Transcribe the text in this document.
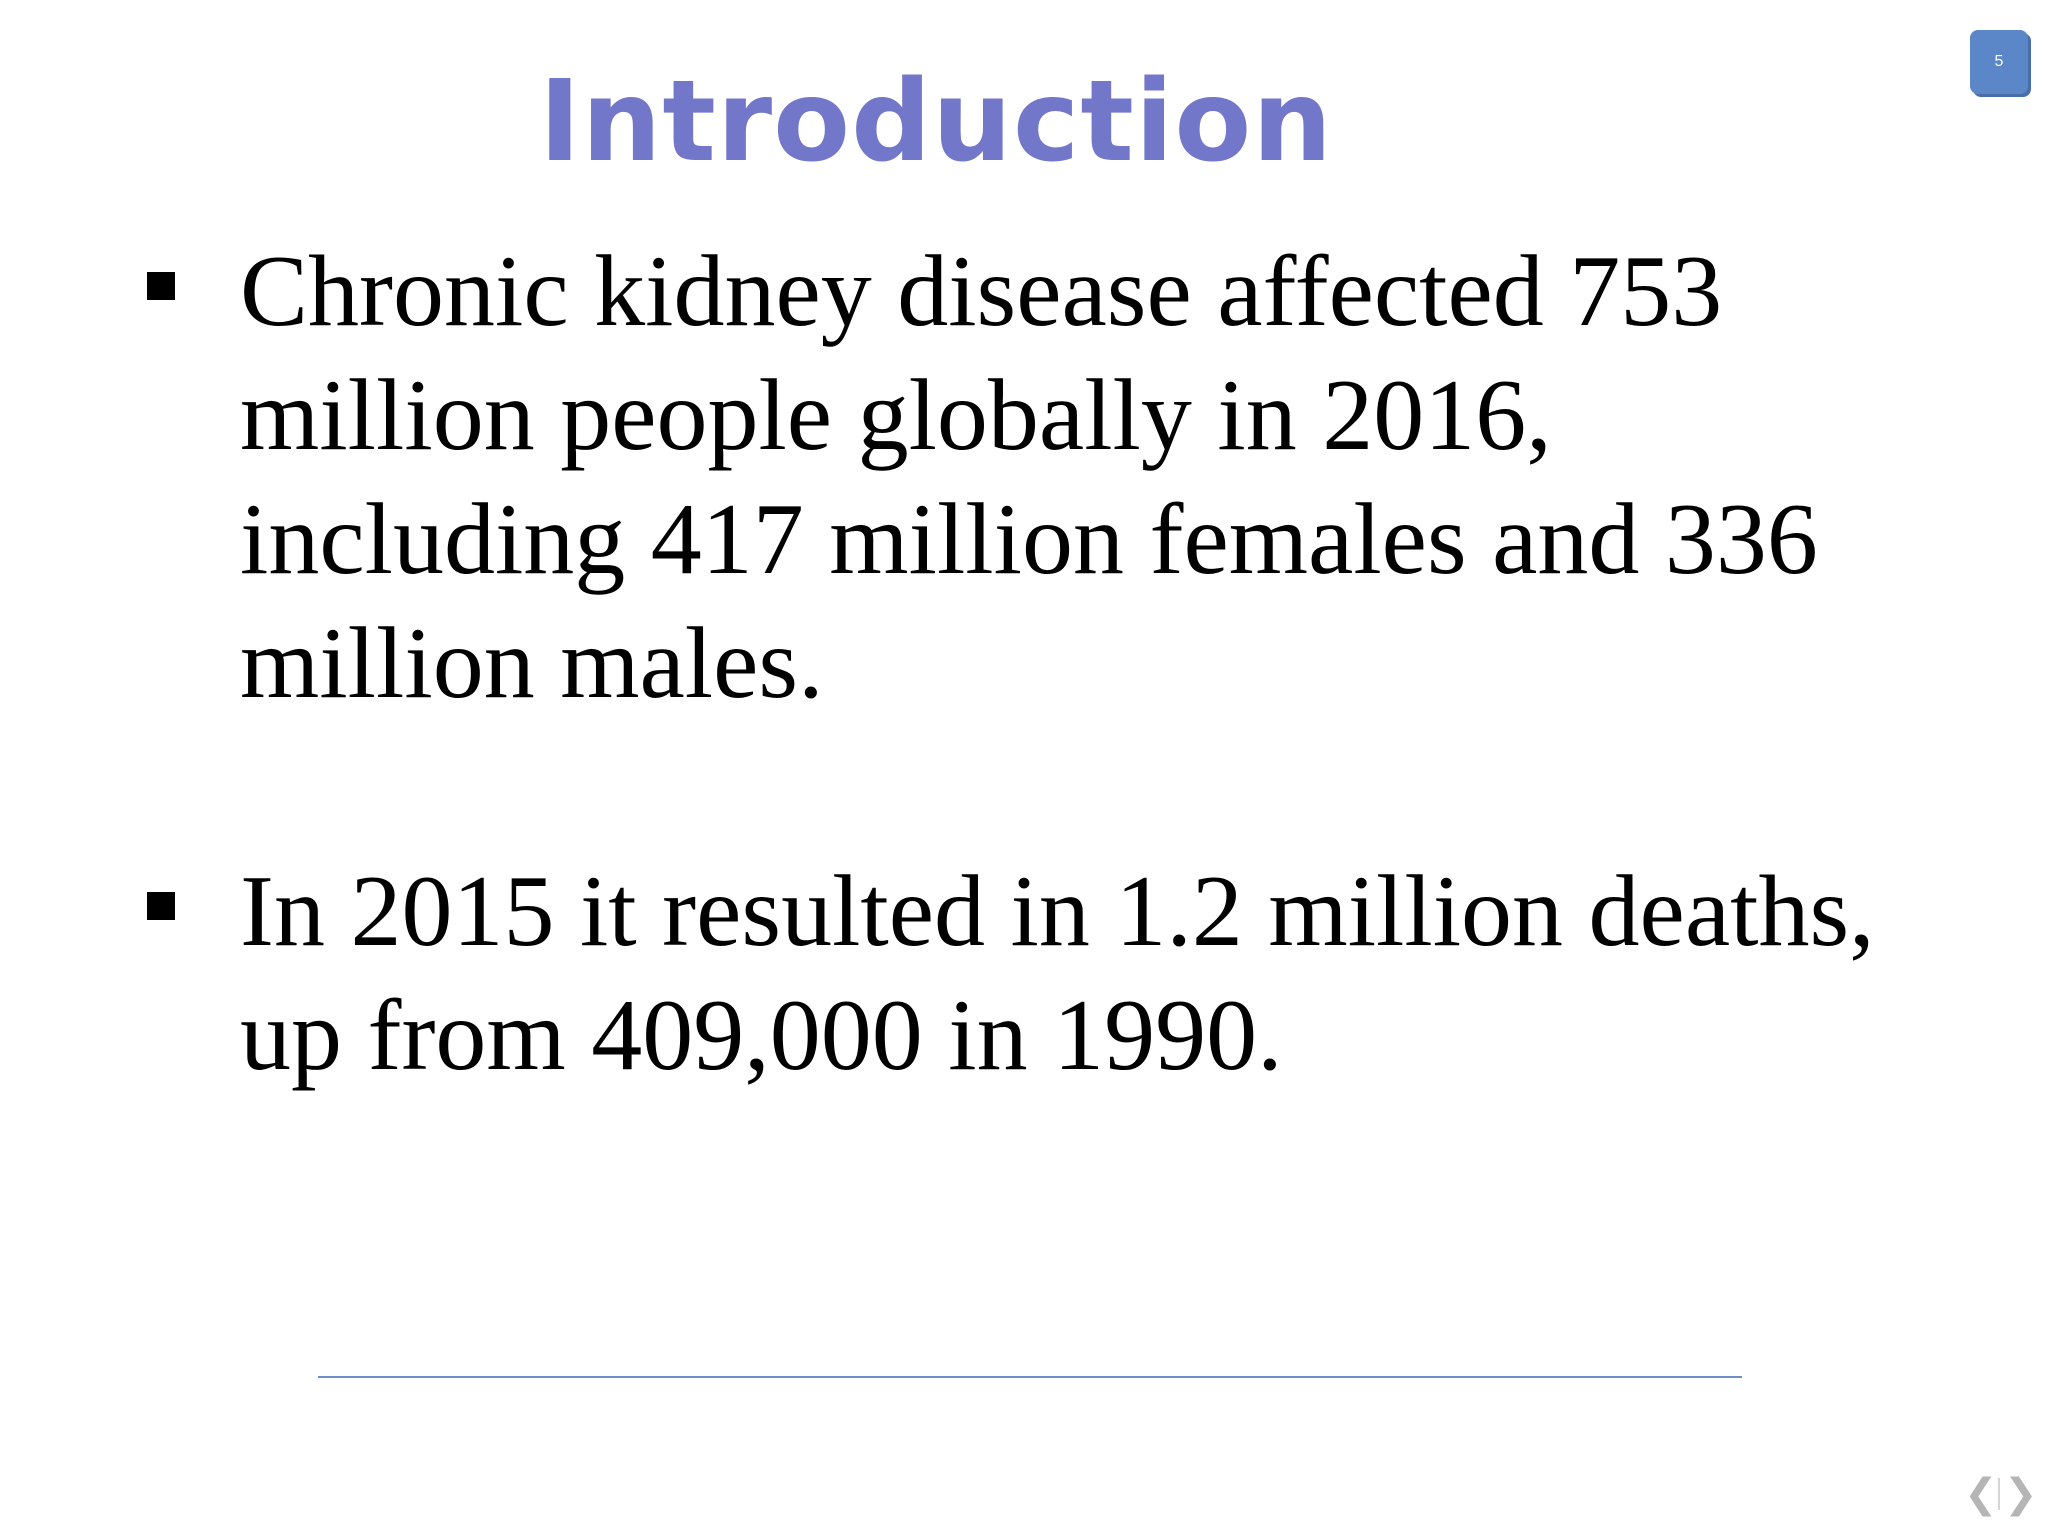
Introduction	5
Chronic kidney disease affected 753 million people globally in 2016, including 417 million females and 336 million males.
In 2015 it resulted in 1.2 million deaths, up from 409,000 in 1990.
❮ ❯
